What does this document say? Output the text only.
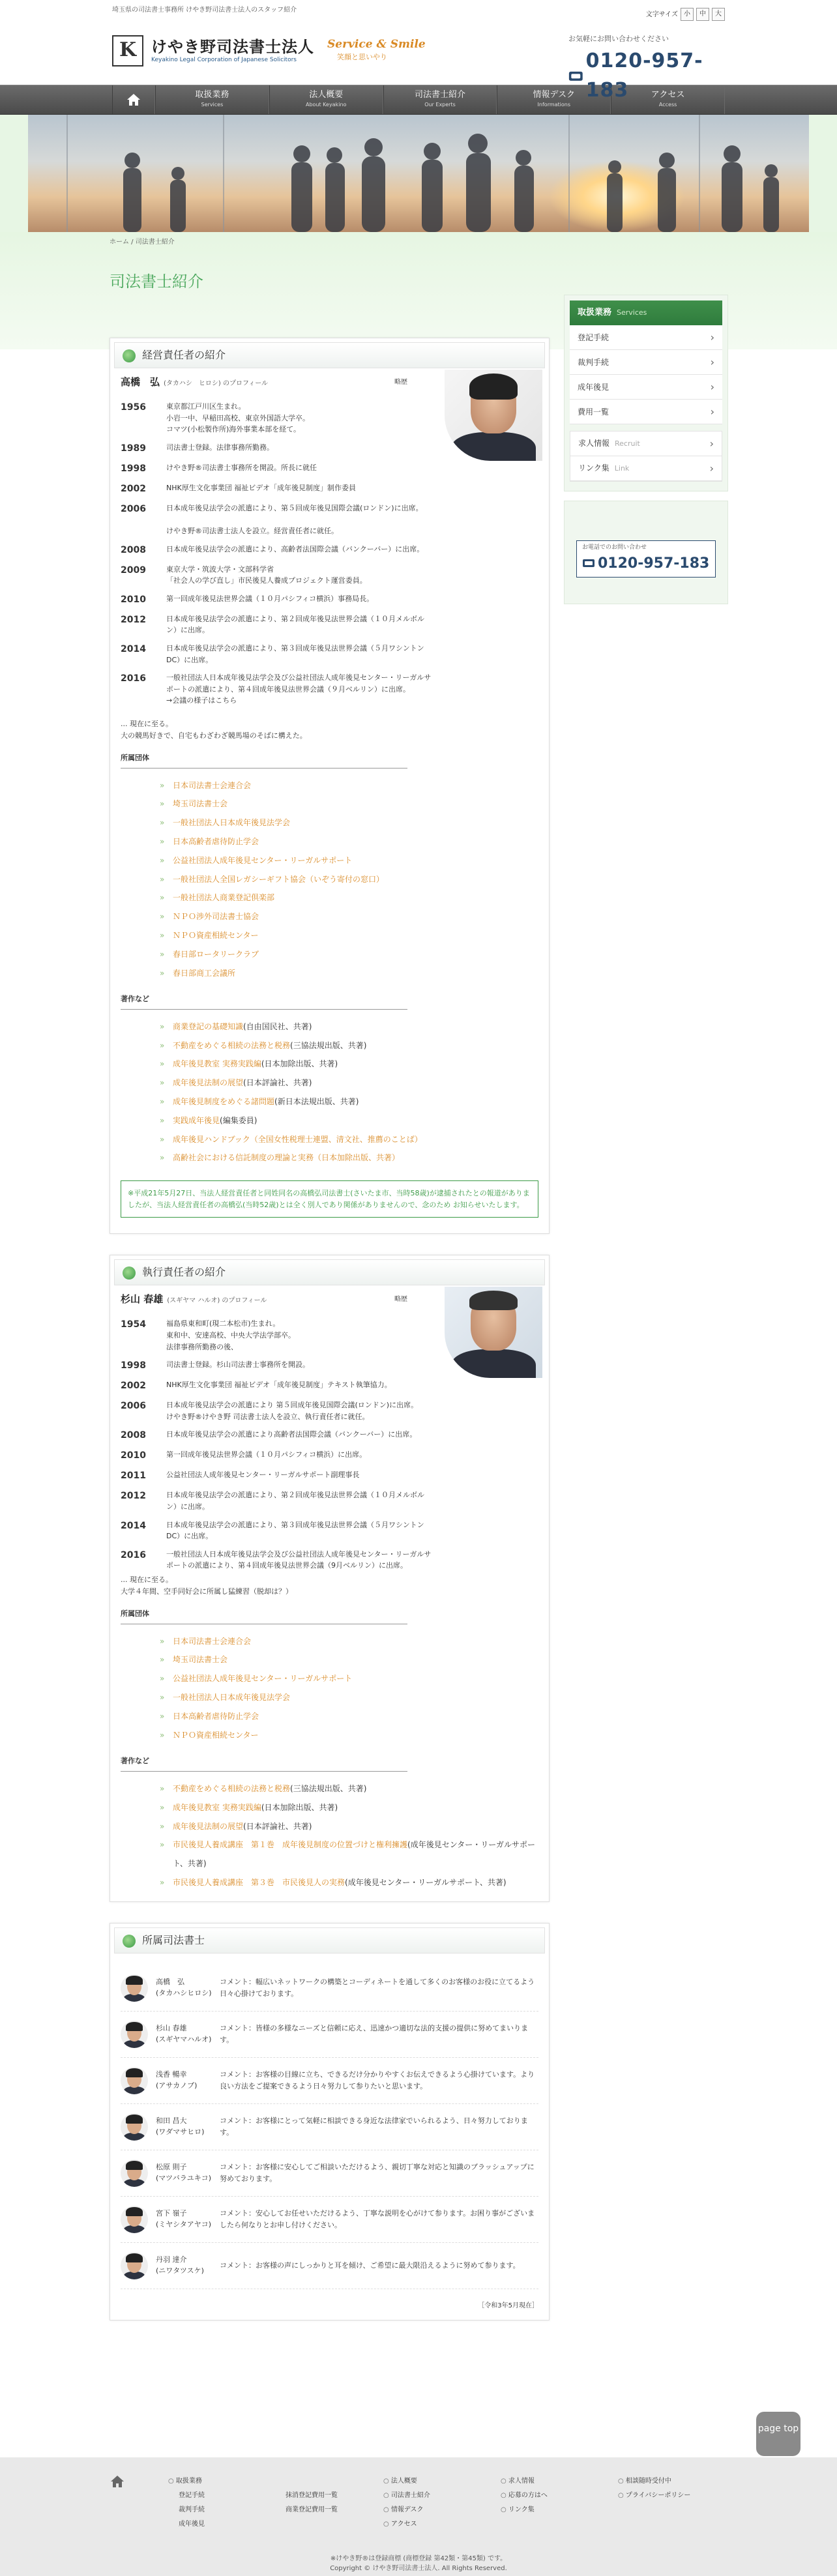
埼玉県の司法書士事務所 けやき野司法書士法人のスタッフ紹介
文字サイズ 小	中	大
K けやき野司法書士法人
Keyakino Legal Corporation of Japanese Solicitors
Service & Smile
笑顔と思いやり
お気軽にお問い合わせください
0120-957-183
取扱業務
Services
法人概要
About Keyakino
司法書士紹介
Our Experts
情報デスク
Informations
アクセス
Access
ホーム / 司法書士紹介
司法書士紹介
経営責任者の紹介
高橋　弘 (タカハシ　ヒロシ) のプロフィール	略歴
1956	東京都江戸川区生まれ。
小岩一中、早稲田高校、東京外国語大学卒。
コマツ(小松製作所)海外事業本部を経て。
1989	司法書士登録。法律事務所勤務。
1998	けやき野®司法書士事務所を開設。所長に就任
2002	NHK厚生文化事業団 福祉ビデオ「成年後見制度」制作委員
2006	日本成年後見法学会の派遣により、第５回成年後見国際会議(ロンドン)に出席。

けやき野®司法書士法人を設立。経営責任者に就任。
2008	日本成年後見法学会の派遣により、高齢者法国際会議（バンクーバー）に出席。
2009	東京大学・筑波大学・文部科学省
「社会人の学び直し」市民後見人養成プロジェクト運営委員。
2010	第一回成年後見法世界会議（１０月パシフィコ横浜）事務局長。
2012	日本成年後見法学会の派遣により、第２回成年後見法世界会議（１０月メルボルン）に出席。
2014	日本成年後見法学会の派遣により、第３回成年後見法世界会議（５月ワシントンDC）に出席。
2016	一般社団法人日本成年後見法学会及び公益社団法人成年後見センター・リーガルサポートの派遣により、第４回成年後見法世界会議（９月ベルリン）に出席。
→会議の様子はこちら
... 現在に至る。
大の競馬好きで、自宅もわざわざ競馬場のそばに構えた。
所属団体
» 日本司法書士会連合会
» 埼玉司法書士会
» 一般社団法人日本成年後見法学会
» 日本高齢者虐待防止学会
» 公益社団法人成年後見センター・リーガルサポート
» 一般社団法人全国レガシーギフト協会（いぞう寄付の窓口）
» 一般社団法人商業登記倶楽部
» ＮＰＯ渉外司法書士協会
» ＮＰＯ資産相続センター
» 春日部ロータリークラブ
» 春日部商工会議所
著作など
» 商業登記の基礎知識(自由国民社、共著)
» 不動産をめぐる相続の法務と税務(三協法規出版、共著)
» 成年後見教室 実務実践編(日本加除出版、共著)
» 成年後見法制の展望(日本評論社、共著)
» 成年後見制度をめぐる諸問題(新日本法規出版、共著)
» 実践成年後見(編集委員)
» 成年後見ハンドブック（全国女性税理士連盟、清文社、推薦のことば）
» 高齢社会における信託制度の理論と実務（日本加除出版、共著）
※平成21年5月27日、当法人経営責任者と同姓同名の高橋弘司法書士(さいたま市、当時58歳)が逮捕されたとの報道がありましたが、当法人経営責任者の高橋弘(当時52歳)とは全く別人であり関係がありませんので、念のため お知らせいたします。
執行責任者の紹介
杉山 春雄 (スギヤマ ハルオ) のプロフィール	略歴
1954	福島県東和町(現二本松市)生まれ。
東和中、安達高校、中央大学法学部卒。
法律事務所勤務の後、
1998	司法書士登録。杉山司法書士事務所を開設。
2002	NHK厚生文化事業団 福祉ビデオ「成年後見制度」テキスト執筆協力。
2006	日本成年後見法学会の派遣により 第５回成年後見国際会議(ロンドン)に出席。
けやき野®けやき野 司法書士法人を設立、執行責任者に就任。
2008	日本成年後見法学会の派遣により高齢者法国際会議（バンクーバー）に出席。
2010	第一回成年後見法世界会議（１０月パシフィコ横浜）に出席。
2011	公益社団法人成年後見センター・リーガルサポート副理事長
2012	日本成年後見法学会の派遣により、第２回成年後見法世界会議（１０月メルボルン）に出席。
2014	日本成年後見法学会の派遣により、第３回成年後見法世界会議（５月ワシントンDC）に出席。
2016	一般社団法人日本成年後見法学会及び公益社団法人成年後見センター・リーガルサポートの派遣により、第４回成年後見法世界会議（9月ベルリン）に出席。
... 現在に至る。
大学４年間、空手同好会に所属し猛練習（脱却は？）
所属団体
» 日本司法書士会連合会
» 埼玉司法書士会
» 公益社団法人成年後見センター・リーガルサポート
» 一般社団法人日本成年後見法学会
» 日本高齢者虐待防止学会
» ＮＰＯ資産相続センター
著作など
» 不動産をめぐる相続の法務と税務(三協法規出版、共著)
» 成年後見教室 実務実践編(日本加除出版、共著)
» 成年後見法制の展望(日本評論社、共著)
» 市民後見人養成講座　第１巻　成年後見制度の位置づけと権利擁護(成年後見センター・リーガルサポート、共著)
» 市民後見人養成講座　第３巻　市民後見人の実務(成年後見センター・リーガルサポート、共著)
所属司法書士
高橋　弘
(タカハシヒロシ)
コメント：幅広いネットワークの構築とコーディネートを通して多くのお客様のお役に立てるよう日々心掛けております。
杉山 春雄
(スギヤマハルオ)
コメント：皆様の多様なニーズと信頼に応え、迅速かつ適切な法的支援の提供に努めてまいります。
浅香 暢幸
(アサカノブ)
コメント：お客様の目線に立ち、できるだけ分かりやすくお伝えできるよう心掛けています。より良い方法をご提案できるよう日々努力して参りたいと思います。
和田 昌大
(ワダマサヒロ)
コメント：お客様にとって気軽に相談できる身近な法律家でいられるよう、日々努力しております。
松原 則子
(マツバラユキコ)
コメント：お客様に安心してご相談いただけるよう、親切丁寧な対応と知識のブラッシュアップに努めております。
宮下 嶺子
(ミヤシタアヤコ)
コメント：安心してお任せいただけるよう、丁寧な説明を心がけて参ります。お困り事がございましたら何なりとお申し付けください。
丹羽 達介
(ニワタツスケ)
コメント：お客様の声にしっかりと耳を傾け、ご希望に最大限沿えるように努めて参ります。
［令和3年5月現在］
取扱業務 Services
登記手続
›
裁判手続
›
成年後見
›
費用一覧
›
求人情報 Recruit
›
リンク集 Link
›
お電話でのお問い合わせ
0120-957-183
page top
○ 取扱業務
登記手続
裁判手続
成年後見
抹消登記費用一覧
商業登記費用一覧
○ 法人概要
○ 司法書士紹介
○ 情報デスク
○ アクセス
○ 求人情報
○ 応募の方はへ
○ リンク集
○ 相談随時受付中
○ プライバシーポリシー
※けやき野®は登録商標 (商標登録 第42類・第45類) です。
Copyright © けやき野司法書士法人. All Rights Reserved.
